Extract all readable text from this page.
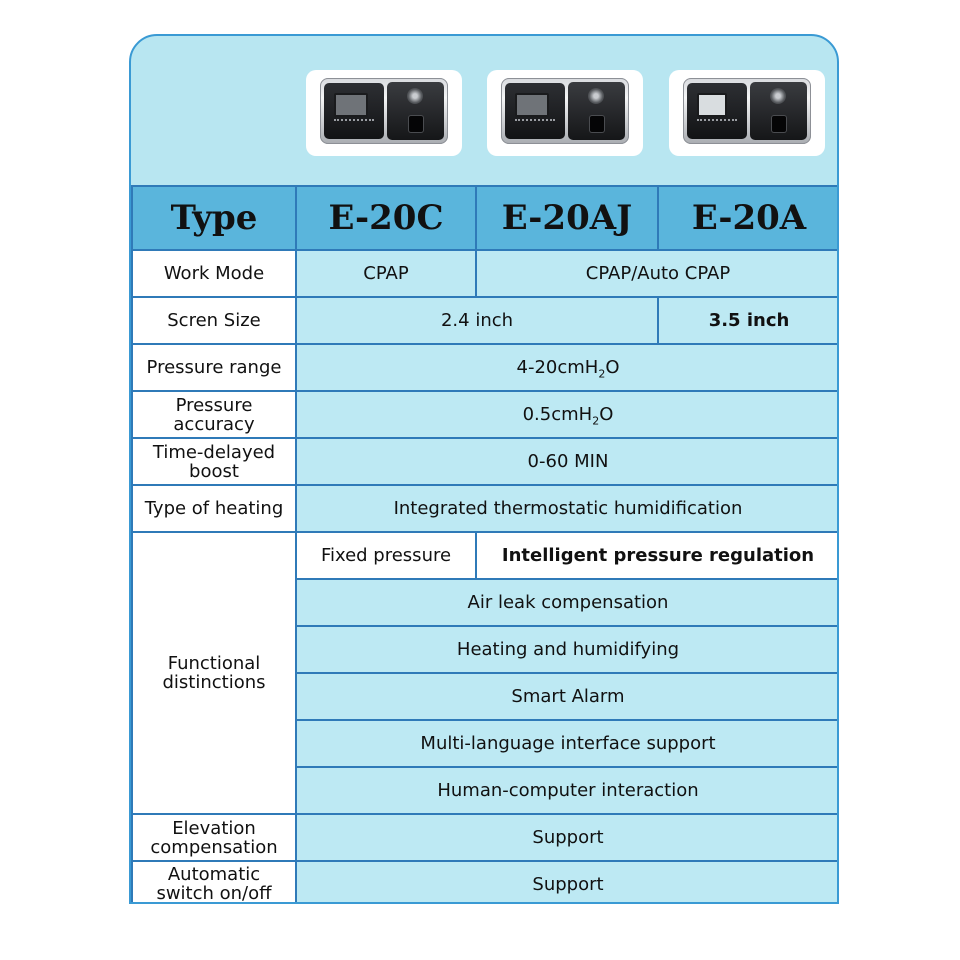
Type	E-20C	E-20AJ	E-20A
Work Mode	CPAP	CPAP/Auto CPAP	
Scren Size	2.4 inch		3.5 inch
Pressure range	4-20cmH$_2$O		
Pressure
accuracy	0.5cmH$_2$O		
Time-delayed
boost	0-60 MIN		
Type of heating	Integrated thermostatic humidification		
Functional
distinctions	Fixed pressure	Intelligent pressure regulation	
	Air leak compensation		
	Heating and humidifying		
	Smart Alarm		
	Multi-language interface support		
	Human-computer interaction		
Elevation
compensation	Support		
Automatic
switch on/off	Support		
